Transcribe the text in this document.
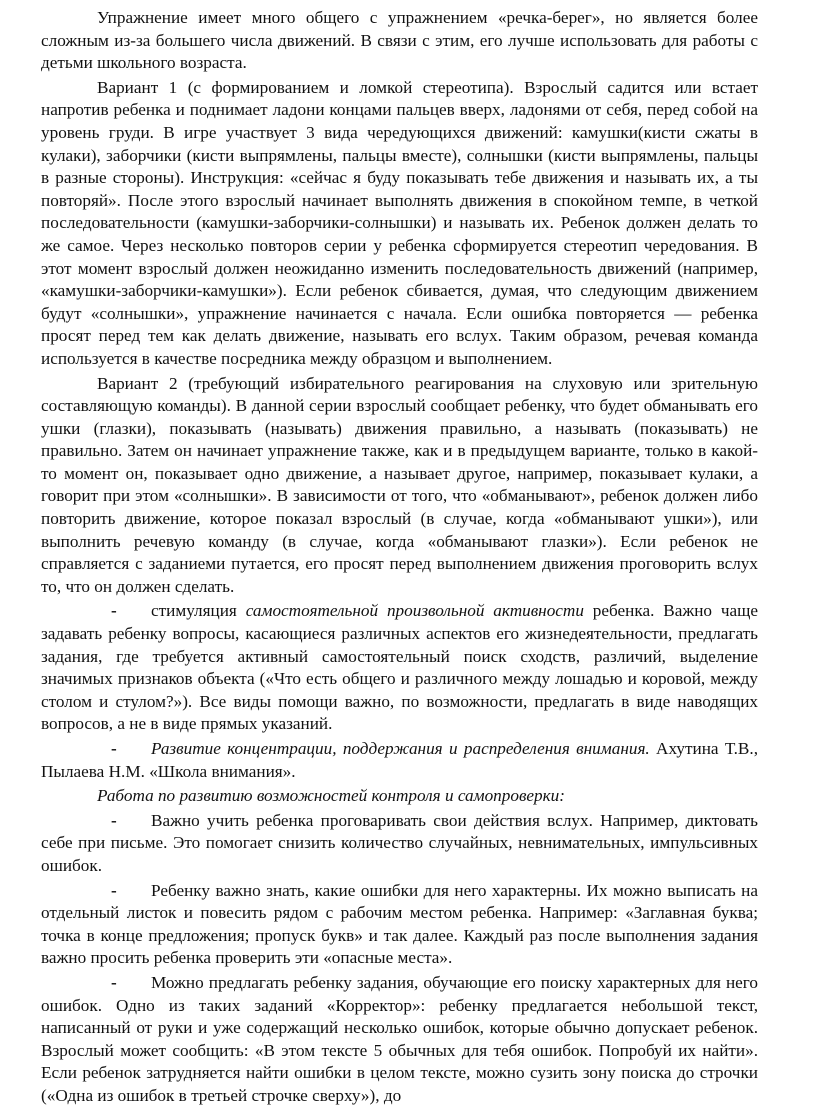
Упражнение имеет много общего с упражнением «речка-берег», но является более сложным из-за большего числа движений. В связи с этим, его лучше использовать для работы с детьми школьного возраста.

Вариант 1 (с формированием и ломкой стереотипа). Взрослый садится или встает напротив ребенка и поднимает ладони концами пальцев вверх, ладонями от себя, перед собой на уровень груди. В игре участвует 3 вида чередующихся движений: камушки(кисти сжаты в кулаки), заборчики (кисти выпрямлены, пальцы вместе), солнышки (кисти выпрямлены, пальцы в разные стороны). Инструкция: «сейчас я буду показывать тебе движения и называть их, а ты повторяй». После этого взрослый начинает выполнять движения в спокойном темпе, в четкой последовательности (камушки-заборчики-солнышки) и называть их. Ребенок должен делать то же самое. Через несколько повторов серии у ребенка сформируется стереотип чередования. В этот момент взрослый должен неожиданно изменить последовательность движений (например, «камушки-заборчики-камушки»). Если ребенок сбивается, думая, что следующим движением будут «солнышки», упражнение начинается с начала. Если ошибка повторяется — ребенка просят перед тем как делать движение, называть его вслух. Таким образом, речевая команда используется в качестве посредника между образцом и выполнением.

Вариант 2 (требующий избирательного реагирования на слуховую или зрительную составляющую команды). В данной серии взрослый сообщает ребенку, что будет обманывать его ушки (глазки), показывать (называть) движения правильно, а называть (показывать) не правильно. Затем он начинает упражнение также, как и в предыдущем варианте, только в какой-то момент он, показывает одно движение, а называет другое, например, показывает кулаки, а говорит при этом «солнышки». В зависимости от того, что «обманывают», ребенок должен либо повторить движение, которое показал взрослый (в случае, когда «обманывают ушки»), или выполнить речевую команду (в случае, когда «обманывают глазки»). Если ребенок не справляется с заданиеми путается, его просят перед выполнением движения проговорить вслух то, что он должен сделать.

- стимуляция самостоятельной произвольной активности ребенка. Важно чаще задавать ребенку вопросы, касающиеся различных аспектов его жизнедеятельности, предлагать задания, где требуется активный самостоятельный поиск сходств, различий, выделение значимых признаков объекта («Что есть общего и различного между лошадью и коровой, между столом и стулом?»). Все виды помощи важно, по возможности, предлагать в виде наводящих вопросов, а не в виде прямых указаний.

- Развитие концентрации, поддержания и распределения внимания. Ахутина Т.В., Пылаева Н.М. «Школа внимания».

Работа по развитию возможностей контроля и самопроверки:

- Важно учить ребенка проговаривать свои действия вслух. Например, диктовать себе при письме. Это помогает снизить количество случайных, невнимательных, импульсивных ошибок.

- Ребенку важно знать, какие ошибки для него характерны. Их можно выписать на отдельный листок и повесить рядом с рабочим местом ребенка. Например: «Заглавная буква; точка в конце предложения; пропуск букв» и так далее. Каждый раз после выполнения задания важно просить ребенка проверить эти «опасные места».

- Можно предлагать ребенку задания, обучающие его поиску характерных для него ошибок. Одно из таких заданий «Корректор»: ребенку предлагается небольшой текст, написанный от руки и уже содержащий несколько ошибок, которые обычно допускает ребенок. Взрослый может сообщить: «В этом тексте 5 обычных для тебя ошибок. Попробуй их найти». Если ребенок затрудняется найти ошибки в целом тексте, можно сузить зону поиска до строчки («Одна из ошибок в третьей строчке сверху»), до
